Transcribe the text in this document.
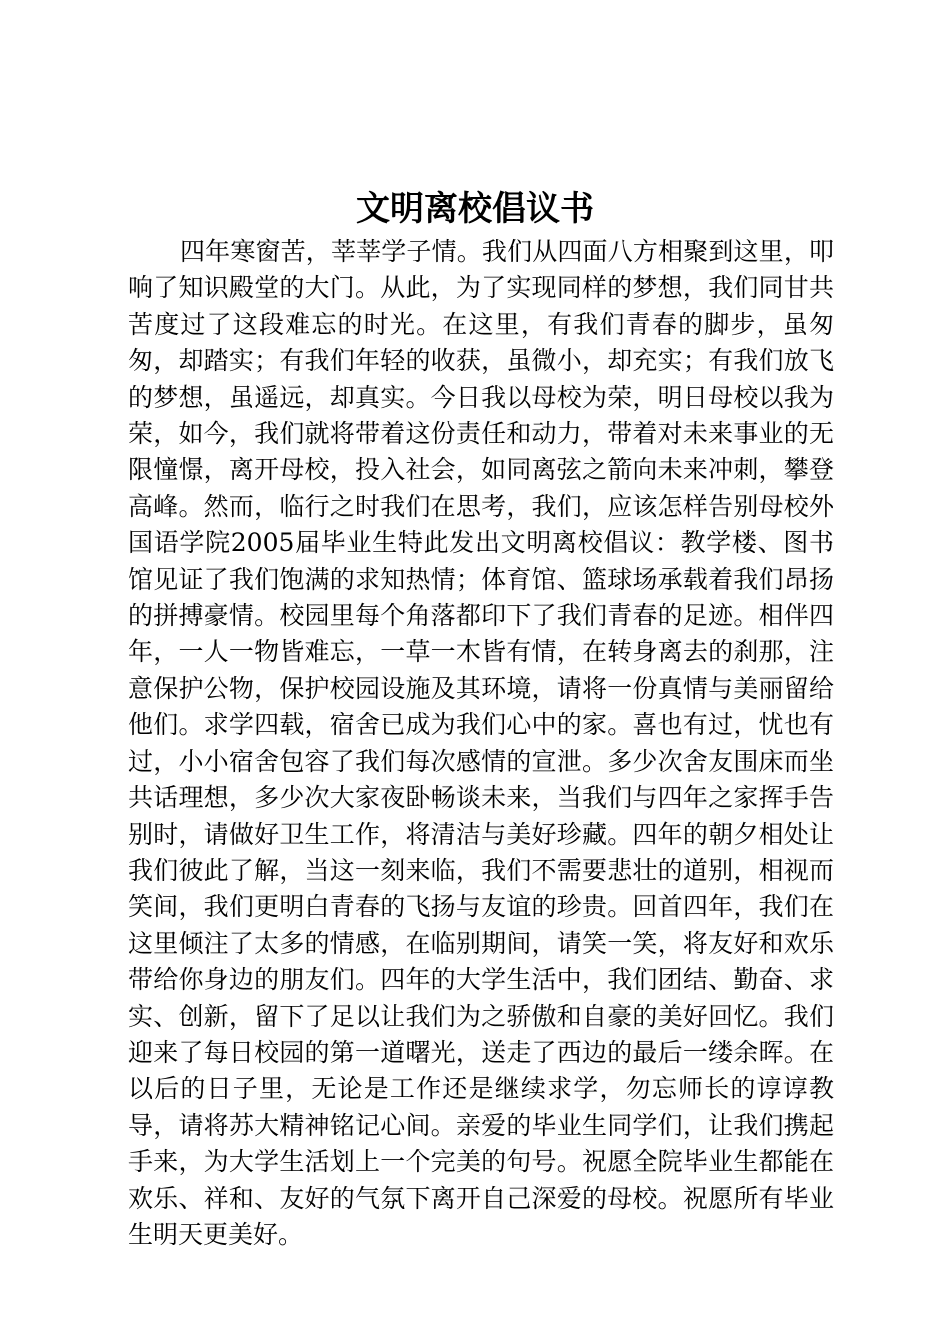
文明离校倡议书

四年寒窗苦，莘莘学子情。我们从四面八方相聚到这里，叩响了知识殿堂的大门。从此，为了实现同样的梦想，我们同甘共苦度过了这段难忘的时光。在这里，有我们青春的脚步，虽匆匆，却踏实；有我们年轻的收获，虽微小，却充实；有我们放飞的梦想，虽遥远，却真实。今日我以母校为荣，明日母校以我为荣，如今，我们就将带着这份责任和动力，带着对未来事业的无限憧憬，离开母校，投入社会，如同离弦之箭向未来冲刺，攀登高峰。然而，临行之时我们在思考，我们，应该怎样告别母校外国语学院2005届毕业生特此发出文明离校倡议：教学楼、图书馆见证了我们饱满的求知热情；体育馆、篮球场承载着我们昂扬的拼搏豪情。校园里每个角落都印下了我们青春的足迹。相伴四年，一人一物皆难忘，一草一木皆有情，在转身离去的刹那，注意保护公物，保护校园设施及其环境，请将一份真情与美丽留给他们。求学四载，宿舍已成为我们心中的家。喜也有过，忧也有过，小小宿舍包容了我们每次感情的宣泄。多少次舍友围床而坐共话理想，多少次大家夜卧畅谈未来，当我们与四年之家挥手告别时，请做好卫生工作，将清洁与美好珍藏。四年的朝夕相处让我们彼此了解，当这一刻来临，我们不需要悲壮的道别，相视而笑间，我们更明白青春的飞扬与友谊的珍贵。回首四年，我们在这里倾注了太多的情感，在临别期间，请笑一笑，将友好和欢乐带给你身边的朋友们。四年的大学生活中，我们团结、勤奋、求实、创新，留下了足以让我们为之骄傲和自豪的美好回忆。我们迎来了每日校园的第一道曙光，送走了西边的最后一缕余晖。在以后的日子里，无论是工作还是继续求学，勿忘师长的谆谆教导，请将苏大精神铭记心间。亲爱的毕业生同学们，让我们携起手来，为大学生活划上一个完美的句号。祝愿全院毕业生都能在欢乐、祥和、友好的气氛下离开自己深爱的母校。祝愿所有毕业生明天更美好。
